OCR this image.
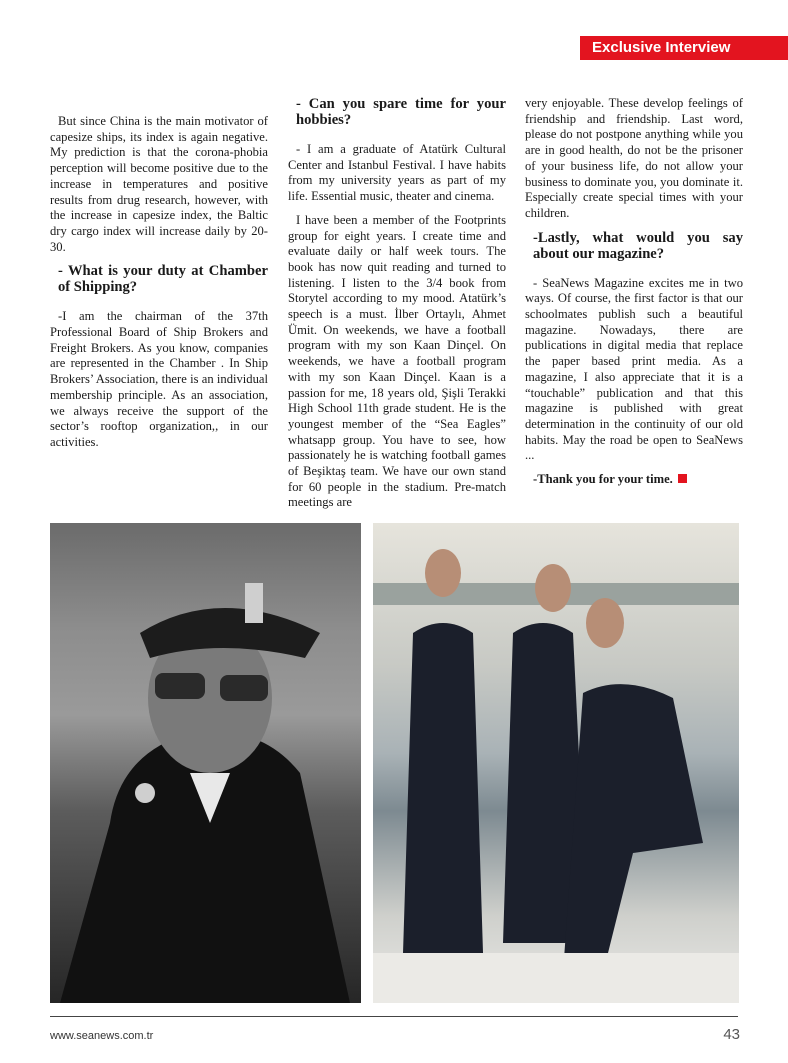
Exclusive Interview

But since China is the main motivator of capesize ships, its index is again negative. My prediction is that the corona-phobia perception will become positive due to the increase in temperatures and positive results from drug research, however, with the increase in capesize index, the Baltic dry cargo index will increase daily by 20-30.

- What is your duty at Chamber of Shipping?

-I am the chairman of the 37th Professional Board of Ship Brokers and Freight Brokers. As you know, companies are represented in the Chamber . In Ship Brokers’ Association, there is an individual membership principle. As an association, we always receive the support of the sector’s rooftop organization,, in our activities.

- Can you spare time for your hobbies?

- I am a graduate of Atatürk Cultural Center and Istanbul Festival. I have habits from my university years as part of my life. Essential music, theater and cinema.

I have been a member of the Footprints group for eight years. I create time and evaluate daily or half week tours. The book has now quit reading and turned to listening. I listen to the 3/4 book from Storytel according to my mood. Atatürk’s speech is a must. İlber Ortaylı, Ahmet Ümit. On weekends, we have a football program with my son Kaan Dinçel. On weekends, we have a football program with my son Kaan Dinçel. Kaan is a passion for me, 18 years old, Şişli Terakki High School 11th grade student. He is the youngest member of the “Sea Eagles” whatsapp group. You have to see, how passionately he is watching football games of Beşiktaş team. We have our own stand for 60 people in the stadium. Pre-match meetings are

very enjoyable. These develop feelings of friendship and friendship. Last word, please do not postpone anything while you are in good health, do not be the prisoner of your business life, do not allow your business to dominate you, you dominate it. Especially create special times with your children.

-Lastly, what would you say about our magazine?

- SeaNews Magazine excites me in two ways. Of course, the first factor is that our schoolmates publish such a beautiful magazine. Nowadays, there are publications in digital media that replace the paper based print media. As a magazine, I also appreciate that it is a “touchable” publication and that this magazine is published with great determination in the continuity of our old habits. May the road be open to SeaNews ...

-Thank you for your time.

www.seanews.com.tr	43
